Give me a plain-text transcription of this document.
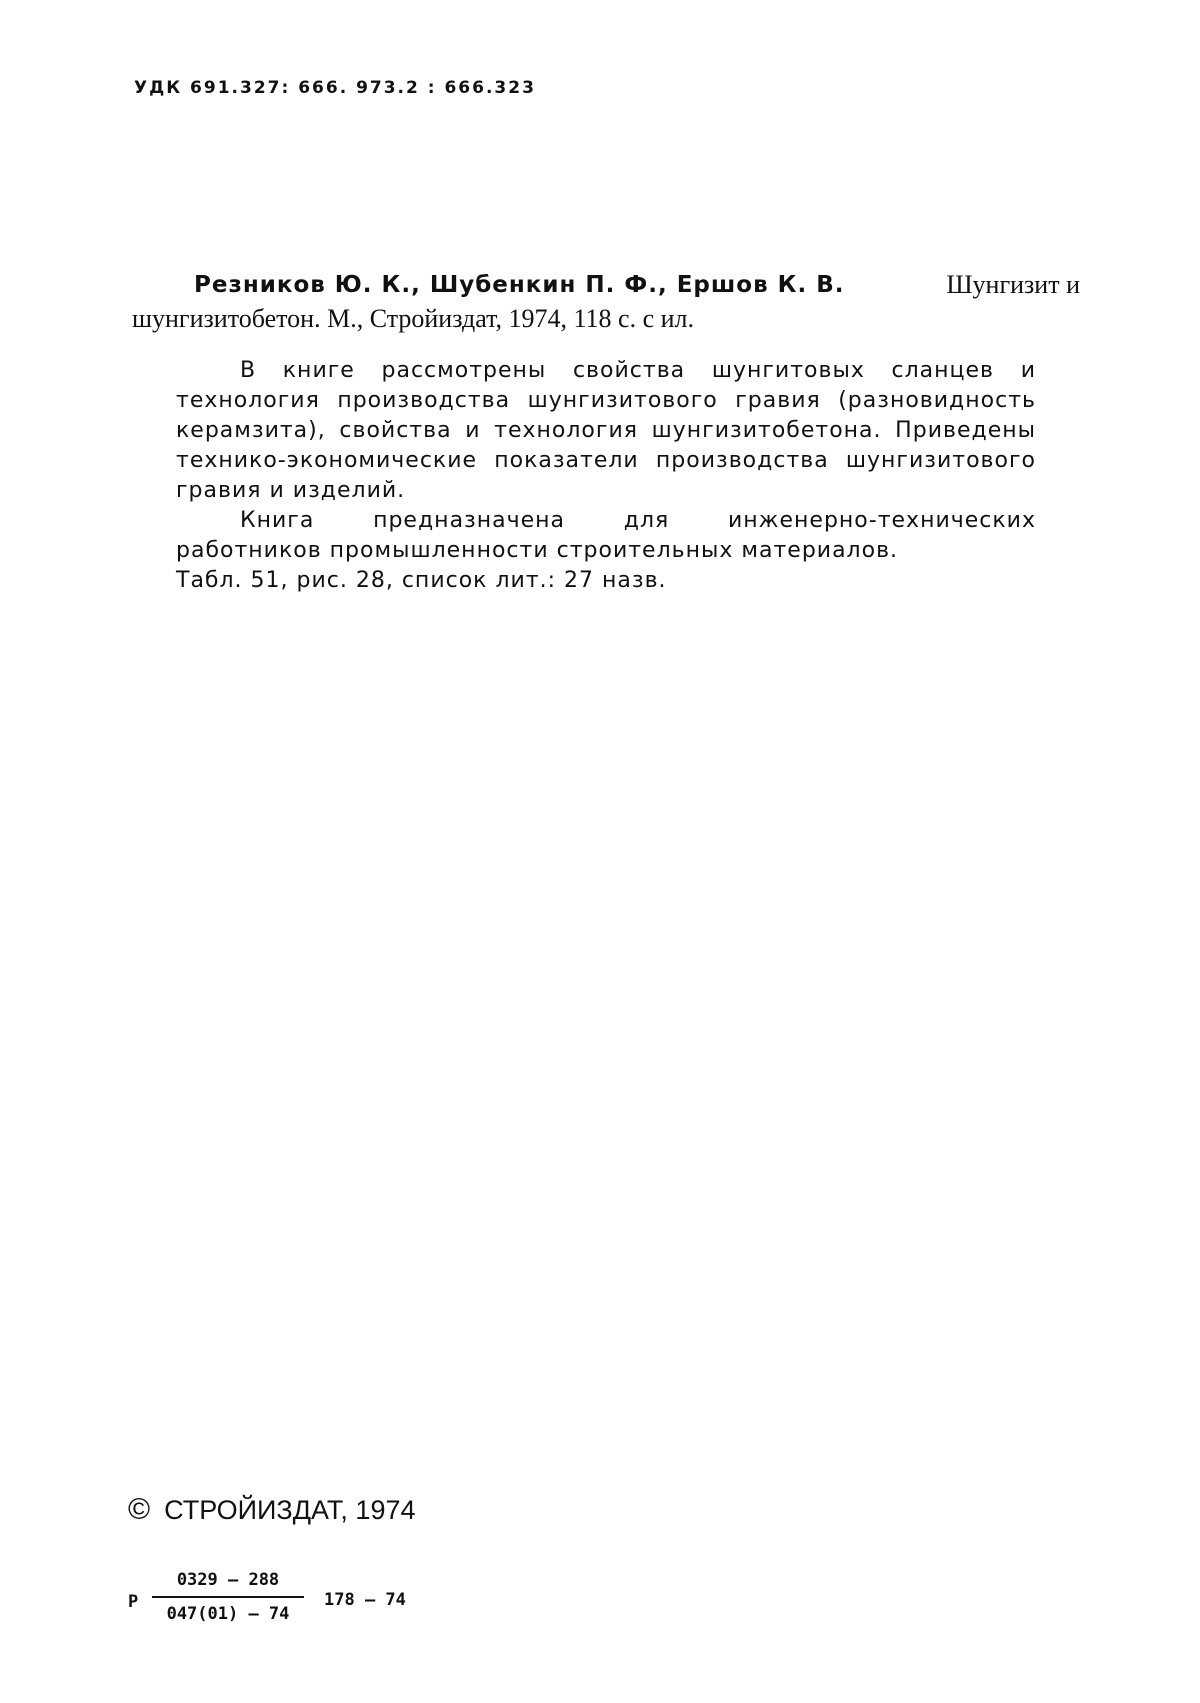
УДК 691.327: 666. 973.2 : 666.323
Резников Ю. К., Шубенкин П. Ф., Ершов К. В.	Шунгизит и
шунгизитобетон. М., Стройиздат, 1974, 118 с. с ил.

В книге рассмотрены свойства шунгитовых сланцев и технология производства шунгизитового гравия (разновидность керамзита), свойства и технология шунгизитобетона. Приведены технико-экономические показатели производства шунгизитового гравия и изделий.

Книга предназначена для инженерно-технических работников промышленности строительных материалов.

Табл. 51, рис. 28, список лит.: 27 назв.

© СТРОЙИЗДАТ, 1974
Р
0329 — 288
047(01) — 74
178 — 74
